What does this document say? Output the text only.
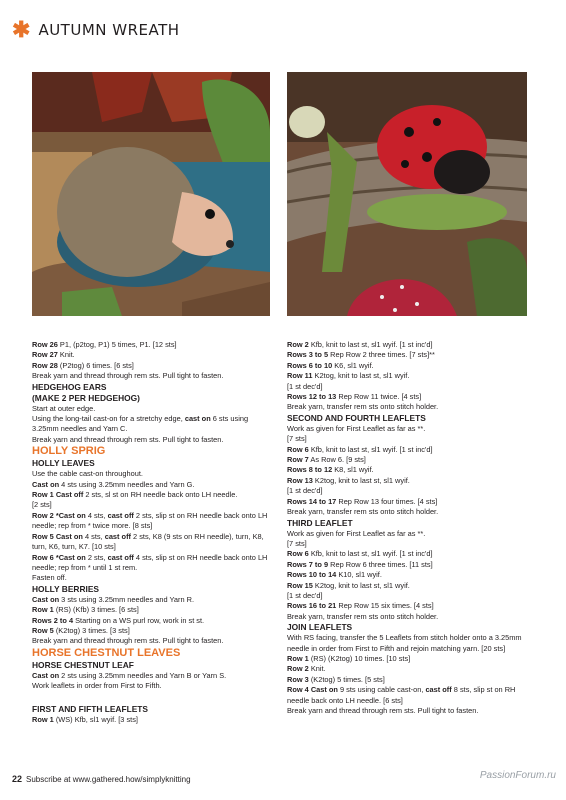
✱ AUTUMN WREATH

Row 26 P1, (p2tog, P1) 5 times, P1. [12 sts]

Row 27 Knit.

Row 28 (P2tog) 6 times. [6 sts]

Break yarn and thread through rem sts. Pull tight to fasten.

HEDGEHOG EARS

(MAKE 2 PER HEDGEHOG)

Start at outer edge.

Using the long-tail cast-on for a stretchy edge, cast on 6 sts using 3.25mm needles and Yarn C.

Break yarn and thread through rem sts. Pull tight to fasten.

HOLLY SPRIG

HOLLY LEAVES

Use the cable cast-on throughout.

Cast on 4 sts using 3.25mm needles and Yarn G.

Row 1 Cast off 2 sts, sl st on RH needle back onto LH needle.

[2 sts]

Row 2 *Cast on 4 sts, cast off 2 sts, slip st on RH needle back onto LH needle; rep from * twice more. [8 sts]

Row 5 Cast on 4 sts, cast off 2 sts, K8 (9 sts on RH needle), turn, K8, turn, K6, turn, K7. [10 sts]

Row 6 *Cast on 2 sts, cast off 4 sts, slip st on RH needle back onto LH needle; rep from * until 1 st rem.

Fasten off.

HOLLY BERRIES

Cast on 3 sts using 3.25mm needles and Yarn R.

Row 1 (RS) (Kfb) 3 times. [6 sts]

Rows 2 to 4 Starting on a WS purl row, work in st st.

Row 5 (K2tog) 3 times. [3 sts]

Break yarn and thread through rem sts. Pull tight to fasten.

HORSE CHESTNUT LEAVES

HORSE CHESTNUT LEAF

Cast on 2 sts using 3.25mm needles and Yarn B or Yarn S.

Work leaflets in order from First to Fifth.

FIRST AND FIFTH LEAFLETS

Row 1 (WS) Kfb, sl1 wyif. [3 sts]

Row 2 Kfb, knit to last st, sl1 wyif. [1 st inc'd]

Rows 3 to 5 Rep Row 2 three times. [7 sts]**

Rows 6 to 10 K6, sl1 wyif.

Row 11 K2tog, knit to last st, sl1 wyif.

[1 st dec'd]

Rows 12 to 13 Rep Row 11 twice. [4 sts]

Break yarn, transfer rem sts onto stitch holder.

SECOND AND FOURTH LEAFLETS

Work as given for First Leaflet as far as **.

[7 sts]

Row 6 Kfb, knit to last st, sl1 wyif. [1 st inc'd]

Row 7 As Row 6. [9 sts]

Rows 8 to 12 K8, sl1 wyif.

Row 13 K2tog, knit to last st, sl1 wyif.

[1 st dec'd]

Rows 14 to 17 Rep Row 13 four times. [4 sts]

Break yarn, transfer rem sts onto stitch holder.

THIRD LEAFLET

Work as given for First Leaflet as far as **.

[7 sts]

Row 6 Kfb, knit to last st, sl1 wyif. [1 st inc'd]

Rows 7 to 9 Rep Row 6 three times. [11 sts]

Rows 10 to 14 K10, sl1 wyif.

Row 15 K2tog, knit to last st, sl1 wyif.

[1 st dec'd]

Rows 16 to 21 Rep Row 15 six times. [4 sts]

Break yarn, transfer rem sts onto stitch holder.

JOIN LEAFLETS

With RS facing, transfer the 5 Leaflets from stitch holder onto a 3.25mm needle in order from First to Fifth and rejoin matching yarn. [20 sts]

Row 1 (RS) (K2tog) 10 times. [10 sts]

Row 2 Knit.

Row 3 (K2tog) 5 times. [5 sts]

Row 4 Cast on 9 sts using cable cast-on, cast off 8 sts, slip st on RH needle back onto LH needle. [6 sts]

Break yarn and thread through rem sts. Pull tight to fasten.

22 Subscribe at www.gathered.how/simplyknitting	PassionForum.ru
